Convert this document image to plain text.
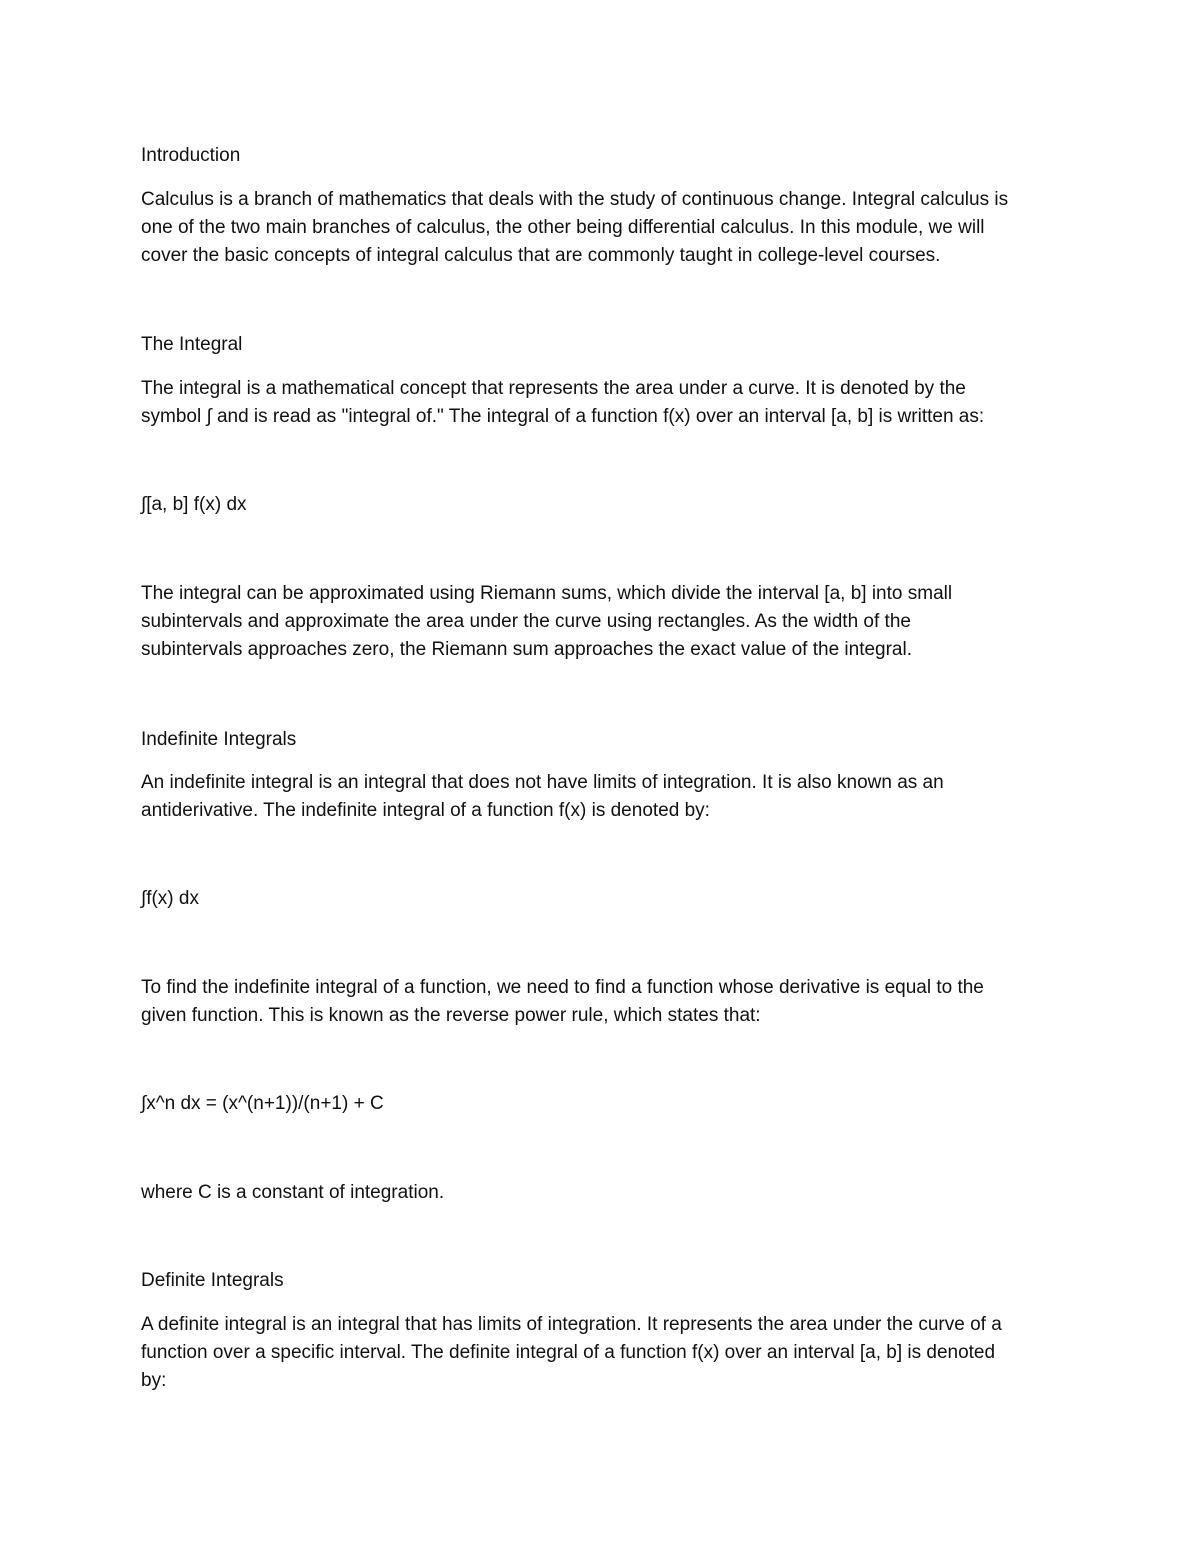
Introduction
Calculus is a branch of mathematics that deals with the study of continuous change. Integral calculus is
one of the two main branches of calculus, the other being differential calculus. In this module, we will
cover the basic concepts of integral calculus that are commonly taught in college-level courses.
The Integral
The integral is a mathematical concept that represents the area under a curve. It is denoted by the
symbol ∫ and is read as "integral of." The integral of a function f(x) over an interval [a, b] is written as:
∫[a, b] f(x) dx
The integral can be approximated using Riemann sums, which divide the interval [a, b] into small
subintervals and approximate the area under the curve using rectangles. As the width of the
subintervals approaches zero, the Riemann sum approaches the exact value of the integral.
Indefinite Integrals
An indefinite integral is an integral that does not have limits of integration. It is also known as an
antiderivative. The indefinite integral of a function f(x) is denoted by:
∫f(x) dx
To find the indefinite integral of a function, we need to find a function whose derivative is equal to the
given function. This is known as the reverse power rule, which states that:
∫x^n dx = (x^(n+1))/(n+1) + C
where C is a constant of integration.
Definite Integrals
A definite integral is an integral that has limits of integration. It represents the area under the curve of a
function over a specific interval. The definite integral of a function f(x) over an interval [a, b] is denoted
by:
